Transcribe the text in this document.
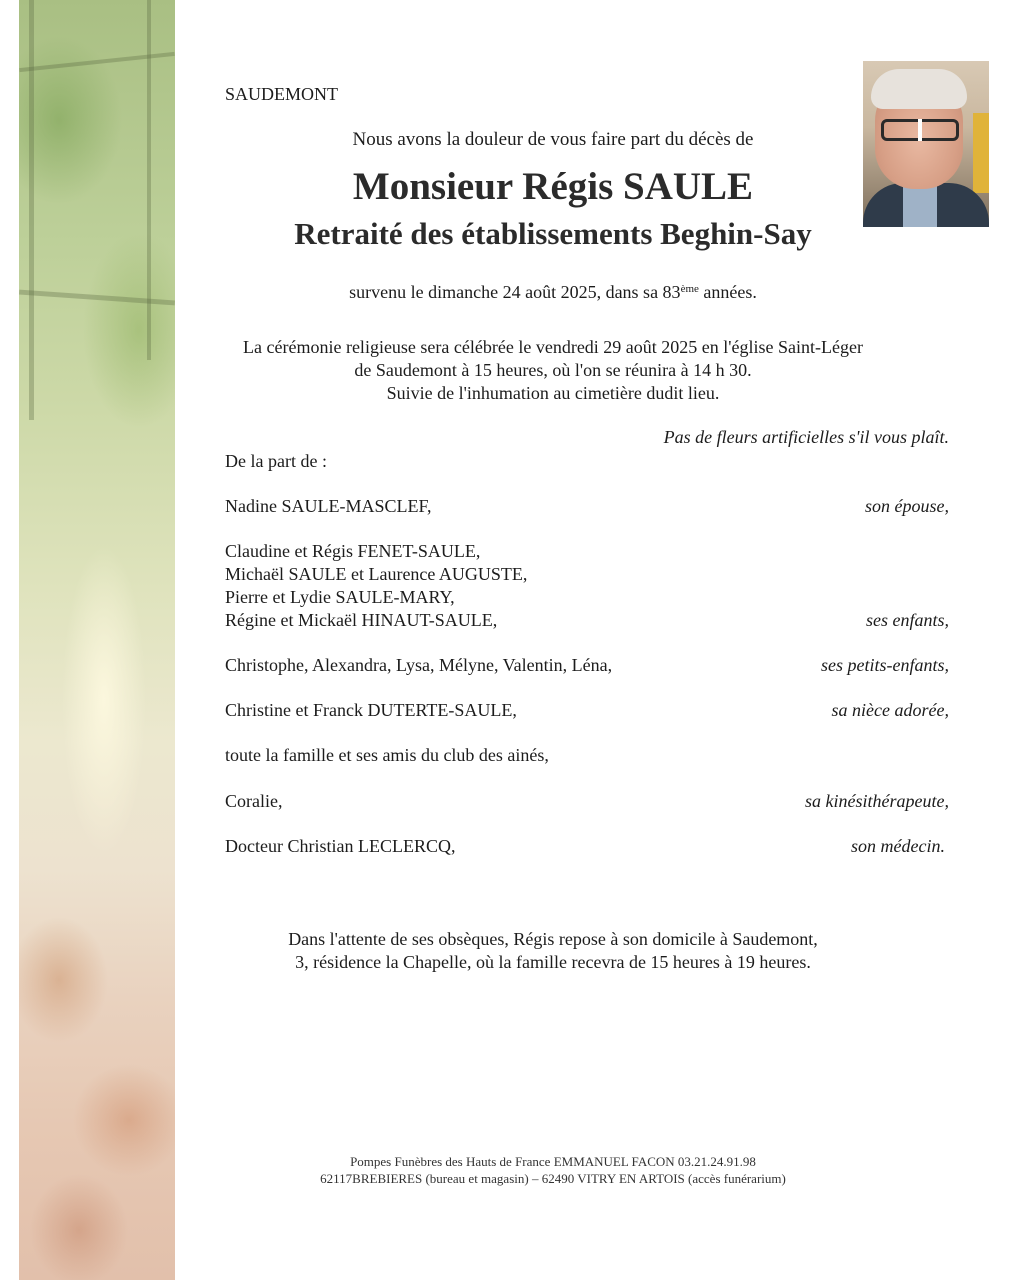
SAUDEMONT
Nous avons la douleur de vous faire part du décès de
Monsieur Régis SAULE
Retraité des établissements Beghin-Say
survenu le dimanche 24 août 2025, dans sa 83ème années.
La cérémonie religieuse sera célébrée le vendredi 29 août 2025 en l'église Saint-Léger
de Saudemont à 15 heures, où l'on se réunira à 14 h 30.
Suivie de l'inhumation au cimetière dudit lieu.
Pas de fleurs artificielles s'il vous plaît.
De la part de :
Nadine SAULE-MASCLEF,	son épouse,
Claudine et Régis FENET-SAULE,
Michaël SAULE et Laurence AUGUSTE,
Pierre et Lydie SAULE-MARY,
Régine et Mickaël HINAUT-SAULE,	ses enfants,
Christophe, Alexandra, Lysa, Mélyne, Valentin, Léna,	ses petits-enfants,
Christine et Franck DUTERTE-SAULE,	sa nièce adorée,
toute la famille et ses amis du club des ainés,
Coralie,	sa kinésithérapeute,
Docteur Christian LECLERCQ,	son médecin.
Dans l'attente de ses obsèques, Régis repose à son domicile à Saudemont,
3, résidence la Chapelle, où la famille recevra de 15 heures à 19 heures.
Pompes Funèbres des Hauts de France EMMANUEL FACON 03.21.24.91.98
62117BREBIERES (bureau et magasin) – 62490 VITRY EN ARTOIS (accès funérarium)
